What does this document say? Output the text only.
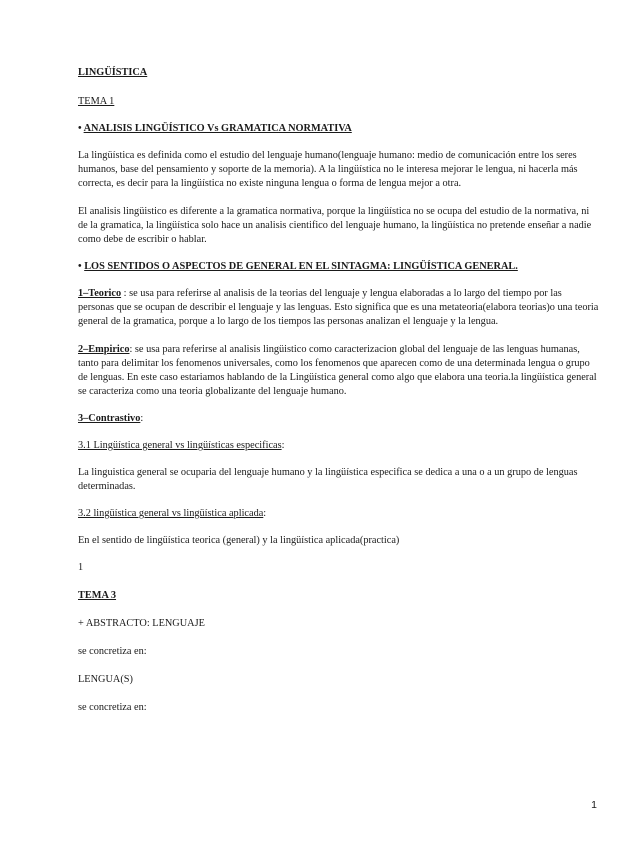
LINGÜÍSTICA

TEMA 1

• ANALISIS LINGÜÍSTICO Vs GRAMATICA NORMATIVA

La lingüística es definida como el estudio del lenguaje humano(lenguaje humano: medio de comunicación entre los seres humanos, base del pensamiento y soporte de la memoria). A la lingüística no le interesa mejorar le lengua, ni hacerla más correcta, es decir para la lingüística no existe ninguna lengua o forma de lengua mejor a otra.

El analisis lingüistico es diferente a la gramatica normativa, porque la lingüística no se ocupa del estudio de la normativa, ni de la gramatica, la lingüística solo hace un analisis cientifico del lenguaje humano, la lingüística no pretende enseñar a nadie como debe de escribir o hablar.

• LOS SENTIDOS O ASPECTOS DE GENERAL EN EL SINTAGMA: LINGÜÍSTICA GENERAL.

1–Teorico : se usa para referirse al analisis de la teorias del lenguaje y lengua elaboradas a lo largo del tiempo por las personas que se ocupan de describir el lenguaje y las lenguas. Esto significa que es una metateoria(elabora teorias)o una teoria general de la gramatica, porque a lo largo de los tiempos las personas analizan el lenguaje y la lengua.

2–Empirico: se usa para referirse al analisis lingüistico como caracterizacion global del lenguaje de las lenguas humanas, tanto para delimitar los fenomenos universales, como los fenomenos que aparecen como de una determinada lengua o grupo de lenguas. En este caso estariamos hablando de la Lingüística general como algo que elabora una teoria.la lingüística general se caracteriza como una teoria globalizante del lenguaje humano.

3–Contrastivo:

3.1 Lingüística general vs lingüísticas especificas:

La linguistica general se ocuparia del lenguaje humano y la lingüística especifica se dedica a una o a un grupo de lenguas determinadas.

3.2 lingüística general vs lingüística aplicada:

En el sentido de lingüística teorica (general) y la lingüística aplicada(practica)

1

TEMA 3

+ ABSTRACTO: LENGUAJE

se concretiza en:

LENGUA(S)

se concretiza en:

1
